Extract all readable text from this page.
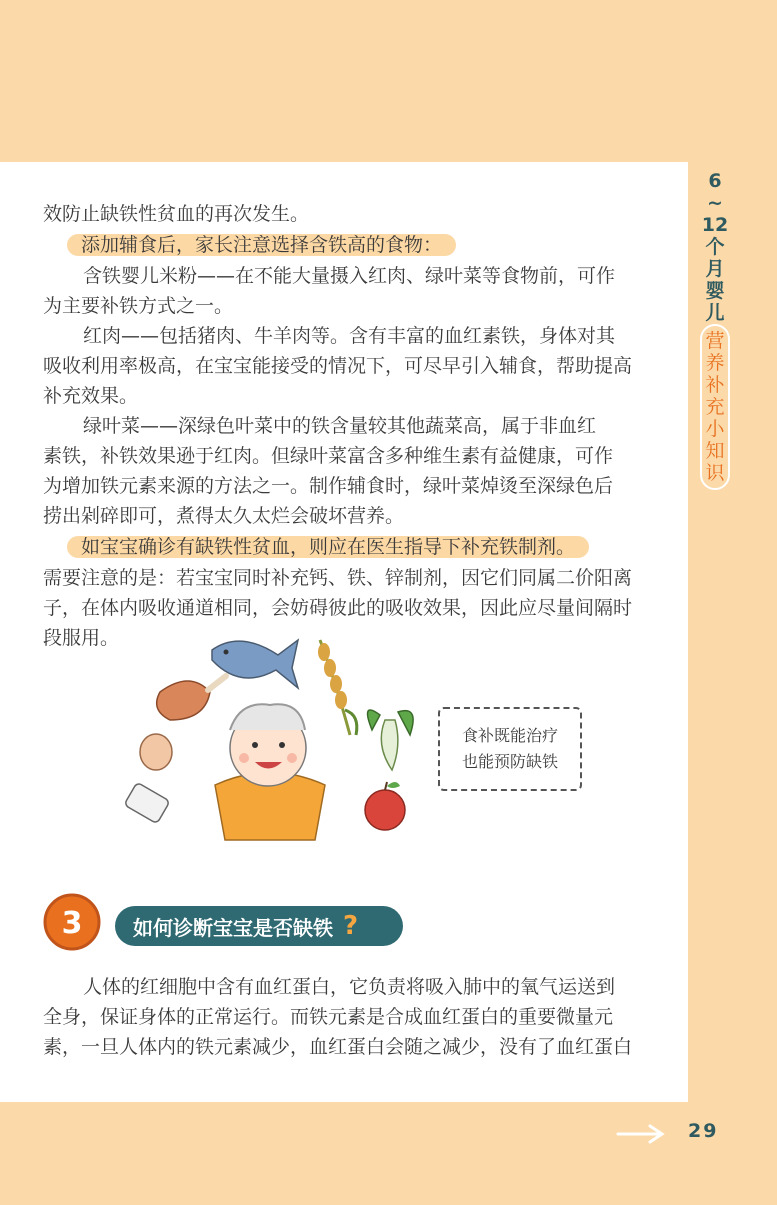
6
~
12
个
月
婴
儿
营
养
补
充
小
知
识
效防止缺铁性贫血的再次发生。
添加辅食后，家长注意选择含铁高的食物：
含铁婴儿米粉——在不能大量摄入红肉、绿叶菜等食物前，可作
为主要补铁方式之一。
红肉——包括猪肉、牛羊肉等。含有丰富的血红素铁，身体对其
吸收利用率极高，在宝宝能接受的情况下，可尽早引入辅食，帮助提高
补充效果。
绿叶菜——深绿色叶菜中的铁含量较其他蔬菜高，属于非血红
素铁，补铁效果逊于红肉。但绿叶菜富含多种维生素有益健康，可作
为增加铁元素来源的方法之一。制作辅食时，绿叶菜焯烫至深绿色后
捞出剁碎即可，煮得太久太烂会破坏营养。
如宝宝确诊有缺铁性贫血，则应在医生指导下补充铁制剂。
需要注意的是：若宝宝同时补充钙、铁、锌制剂，因它们同属二价阳离
子，在体内吸收通道相同，会妨碍彼此的吸收效果，因此应尽量间隔时
段服用。
食补既能治疗
也能预防缺铁
3	如何诊断宝宝是否缺铁 ?
人体的红细胞中含有血红蛋白，它负责将吸入肺中的氧气运送到
全身，保证身体的正常运行。而铁元素是合成血红蛋白的重要微量元
素，一旦人体内的铁元素减少，血红蛋白会随之减少，没有了血红蛋白
29
